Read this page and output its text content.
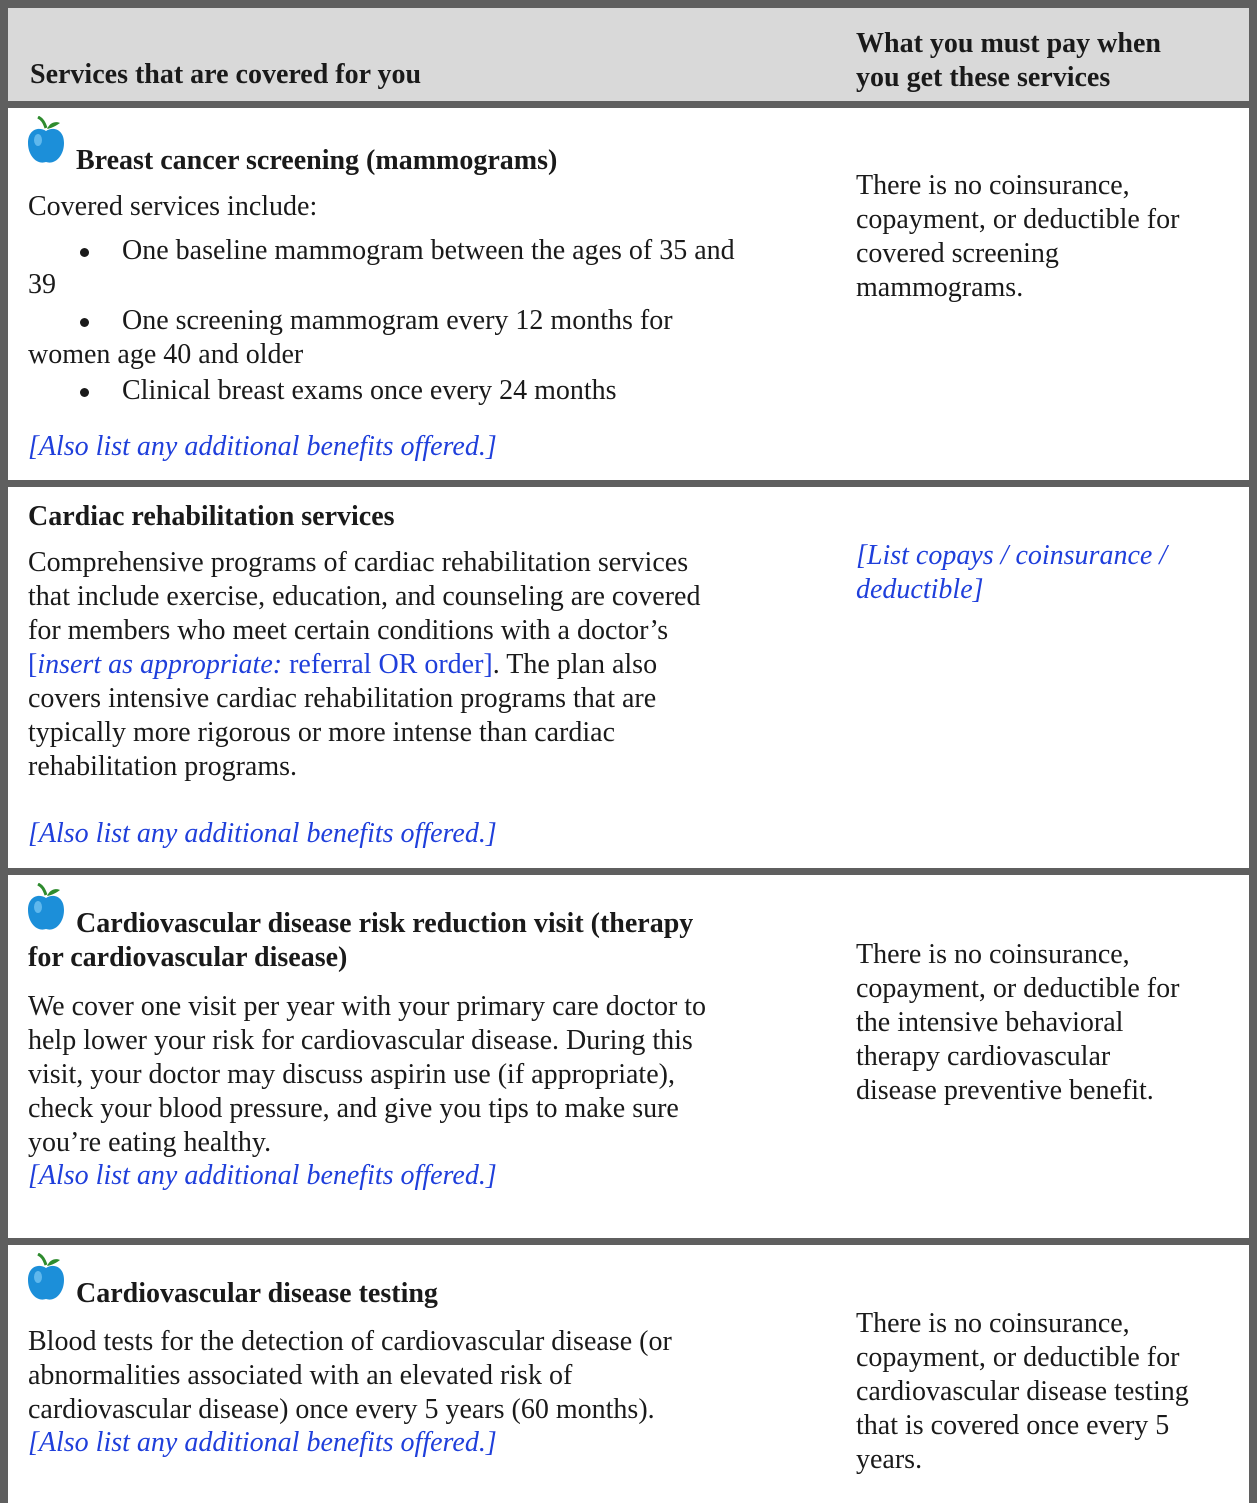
Services that are covered for you
What you must pay when
you get these services
Breast cancer screening (mammograms)
Covered services include:
One baseline mammogram between the ages of 35 and
39
One screening mammogram every 12 months for
women age 40 and older
Clinical breast exams once every 24 months
[Also list any additional benefits offered.]
There is no coinsurance,
copayment, or deductible for
covered screening
mammograms.
Cardiac rehabilitation services
Comprehensive programs of cardiac rehabilitation services
that include exercise, education, and counseling are covered
for members who meet certain conditions with a doctor’s
[insert as appropriate: referral OR order]. The plan also
covers intensive cardiac rehabilitation programs that are
typically more rigorous or more intense than cardiac
rehabilitation programs.
[Also list any additional benefits offered.]
[List copays / coinsurance /
deductible]
Cardiovascular disease risk reduction visit (therapy
for cardiovascular disease)
We cover one visit per year with your primary care doctor to
help lower your risk for cardiovascular disease. During this
visit, your doctor may discuss aspirin use (if appropriate),
check your blood pressure, and give you tips to make sure
you’re eating healthy.
[Also list any additional benefits offered.]
There is no coinsurance,
copayment, or deductible for
the intensive behavioral
therapy cardiovascular
disease preventive benefit.
Cardiovascular disease testing
Blood tests for the detection of cardiovascular disease (or
abnormalities associated with an elevated risk of
cardiovascular disease) once every 5 years (60 months).
[Also list any additional benefits offered.]
There is no coinsurance,
copayment, or deductible for
cardiovascular disease testing
that is covered once every 5
years.
